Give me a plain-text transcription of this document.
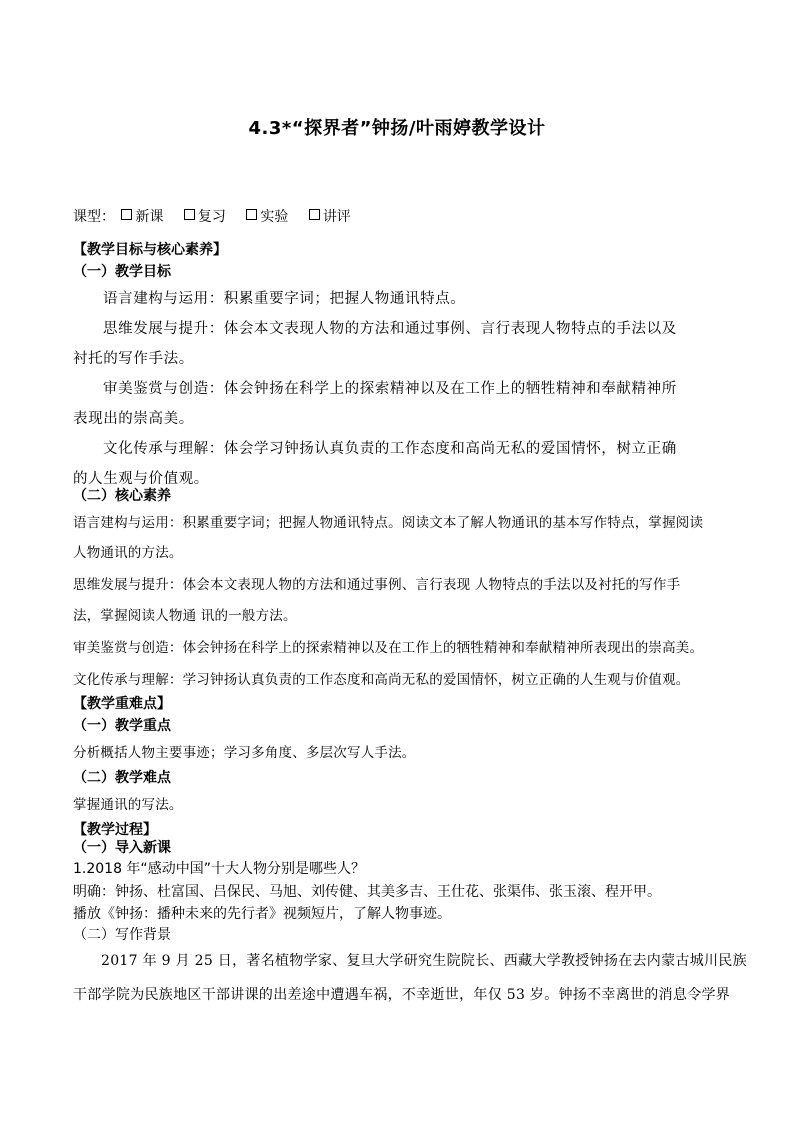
4.3*“探界者”钟扬/叶雨婷教学设计
课型： 新课 复习 实验 讲评
【教学目标与核心素养】
（一）教学目标
语言建构与运用：积累重要字词；把握人物通讯特点。
思维发展与提升：体会本文表现人物的方法和通过事例、言行表现人物特点的手法以及
衬托的写作手法。
审美鉴赏与创造：体会钟扬在科学上的探索精神以及在工作上的牺牲精神和奉献精神所
表现出的崇高美。
文化传承与理解：体会学习钟扬认真负责的工作态度和高尚无私的爱国情怀，树立正确
的人生观与价值观。
（二）核心素养
语言建构与运用：积累重要字词；把握人物通讯特点。阅读文本了解人物通讯的基本写作特点，掌握阅读
人物通讯的方法。
思维发展与提升：体会本文表现人物的方法和通过事例、言行表现 人物特点的手法以及衬托的写作手
法，掌握阅读人物通 讯的一般方法。
审美鉴赏与创造：体会钟扬在科学上的探索精神以及在工作上的牺牲精神和奉献精神所表现出的崇高美。
文化传承与理解：学习钟扬认真负责的工作态度和高尚无私的爱国情怀，树立正确的人生观与价值观。
【教学重难点】
（一）教学重点
分析概括人物主要事迹；学习多角度、多层次写人手法。
（二）教学难点
掌握通讯的写法。
【教学过程】
（一）导入新课
1.2018 年“感动中国”十大人物分别是哪些人？
明确：钟扬、杜富国、吕保民、马旭、刘传健、其美多吉、王仕花、张渠伟、张玉滚、程开甲。
播放《钟扬：播种未来的先行者》视频短片，了解人物事迹。
（二）写作背景
2017 年 9 月 25 日，著名植物学家、复旦大学研究生院院长、西藏大学教授钟扬在去内蒙古城川民族
干部学院为民族地区干部讲课的出差途中遭遇车祸，不幸逝世，年仅 53 岁。钟扬不幸离世的消息令学界
